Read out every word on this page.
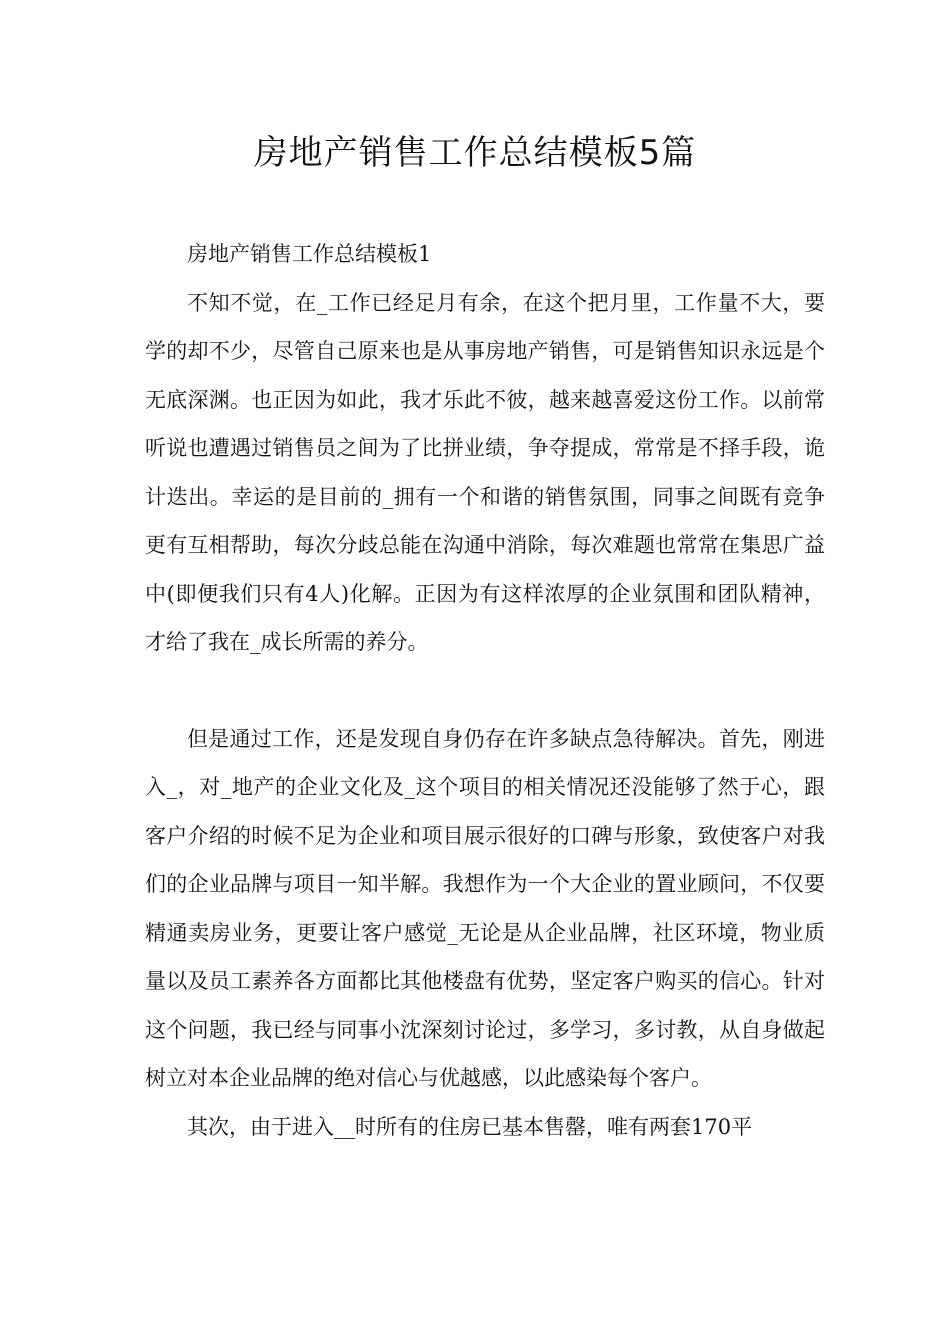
房地产销售工作总结模板5篇

房地产销售工作总结模板1

不知不觉，在_工作已经足月有余，在这个把月里，工作量不大，要学的却不少，尽管自己原来也是从事房地产销售，可是销售知识永远是个无底深渊。也正因为如此，我才乐此不彼，越来越喜爱这份工作。以前常听说也遭遇过销售员之间为了比拼业绩，争夺提成，常常是不择手段，诡计迭出。幸运的是目前的_拥有一个和谐的销售氛围，同事之间既有竞争更有互相帮助，每次分歧总能在沟通中消除，每次难题也常常在集思广益中(即便我们只有4人)化解。正因为有这样浓厚的企业氛围和团队精神，才给了我在_成长所需的养分。

但是通过工作，还是发现自身仍存在许多缺点急待解决。首先，刚进入_，对_地产的企业文化及_这个项目的相关情况还没能够了然于心，跟客户介绍的时候不足为企业和项目展示很好的口碑与形象，致使客户对我们的企业品牌与项目一知半解。我想作为一个大企业的置业顾问，不仅要精通卖房业务，更要让客户感觉_无论是从企业品牌，社区环境，物业质量以及员工素养各方面都比其他楼盘有优势，坚定客户购买的信心。针对这个问题，我已经与同事小沈深刻讨论过，多学习，多讨教，从自身做起树立对本企业品牌的绝对信心与优越感，以此感染每个客户。

其次，由于进入__时所有的住房已基本售罄，唯有两套170平
